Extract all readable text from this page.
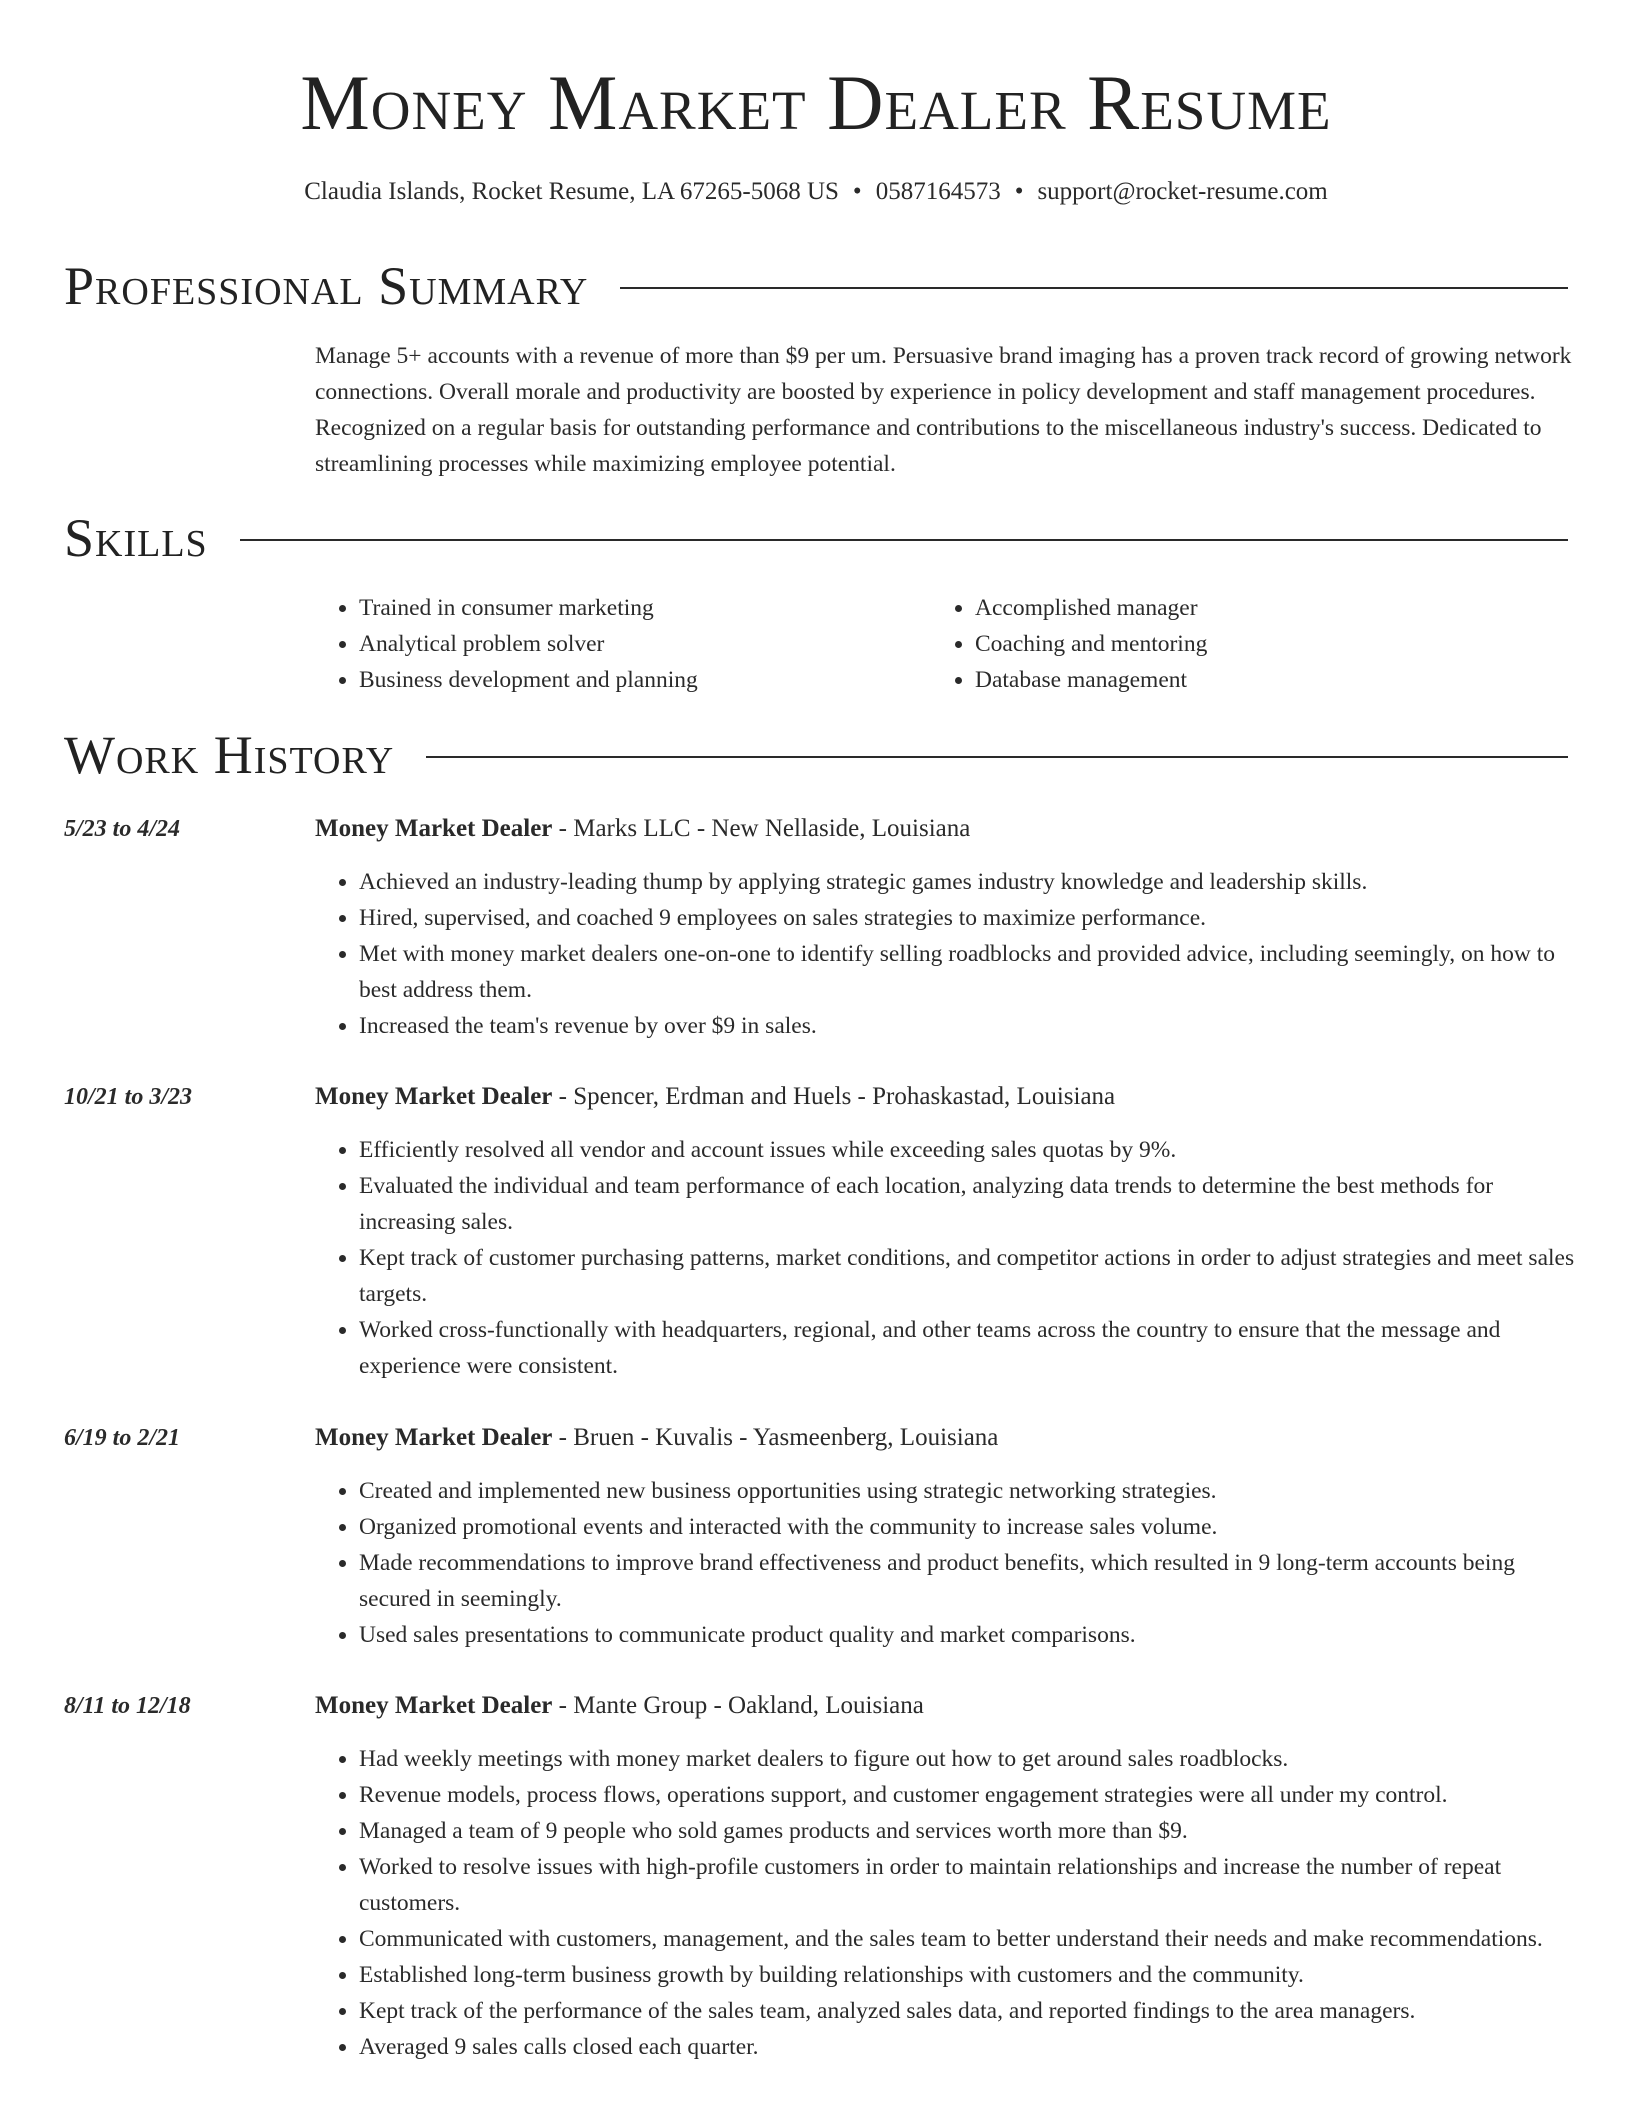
Money Market Dealer Resume
Claudia Islands, Rocket Resume, LA 67265-5068 US • 0587164573 • support@rocket-resume.com
Professional Summary

Manage 5+ accounts with a revenue of more than $9 per um. Persuasive brand imaging has a proven track record of growing network connections. Overall morale and productivity are boosted by experience in policy development and staff management procedures. Recognized on a regular basis for outstanding performance and contributions to the miscellaneous industry's success. Dedicated to streamlining processes while maximizing employee potential.

Skills
• Trained in consumer marketing
• Analytical problem solver
• Business development and planning
• Accomplished manager
• Coaching and mentoring
• Database management
Work History
5/23 to 4/24	Money Market Dealer - Marks LLC - New Nellaside, Louisiana
• Achieved an industry-leading thump by applying strategic games industry knowledge and leadership skills.
• Hired, supervised, and coached 9 employees on sales strategies to maximize performance.
• Met with money market dealers one-on-one to identify selling roadblocks and provided advice, including seemingly, on how to best address them.
• Increased the team's revenue by over $9 in sales.
10/21 to 3/23	Money Market Dealer - Spencer, Erdman and Huels - Prohaskastad, Louisiana
• Efficiently resolved all vendor and account issues while exceeding sales quotas by 9%.
• Evaluated the individual and team performance of each location, analyzing data trends to determine the best methods for increasing sales.
• Kept track of customer purchasing patterns, market conditions, and competitor actions in order to adjust strategies and meet sales targets.
• Worked cross-functionally with headquarters, regional, and other teams across the country to ensure that the message and experience were consistent.
6/19 to 2/21	Money Market Dealer - Bruen - Kuvalis - Yasmeenberg, Louisiana
• Created and implemented new business opportunities using strategic networking strategies.
• Organized promotional events and interacted with the community to increase sales volume.
• Made recommendations to improve brand effectiveness and product benefits, which resulted in 9 long-term accounts being secured in seemingly.
• Used sales presentations to communicate product quality and market comparisons.
8/11 to 12/18	Money Market Dealer - Mante Group - Oakland, Louisiana
• Had weekly meetings with money market dealers to figure out how to get around sales roadblocks.
• Revenue models, process flows, operations support, and customer engagement strategies were all under my control.
• Managed a team of 9 people who sold games products and services worth more than $9.
• Worked to resolve issues with high-profile customers in order to maintain relationships and increase the number of repeat customers.
• Communicated with customers, management, and the sales team to better understand their needs and make recommendations.
• Established long-term business growth by building relationships with customers and the community.
• Kept track of the performance of the sales team, analyzed sales data, and reported findings to the area managers.
• Averaged 9 sales calls closed each quarter.
